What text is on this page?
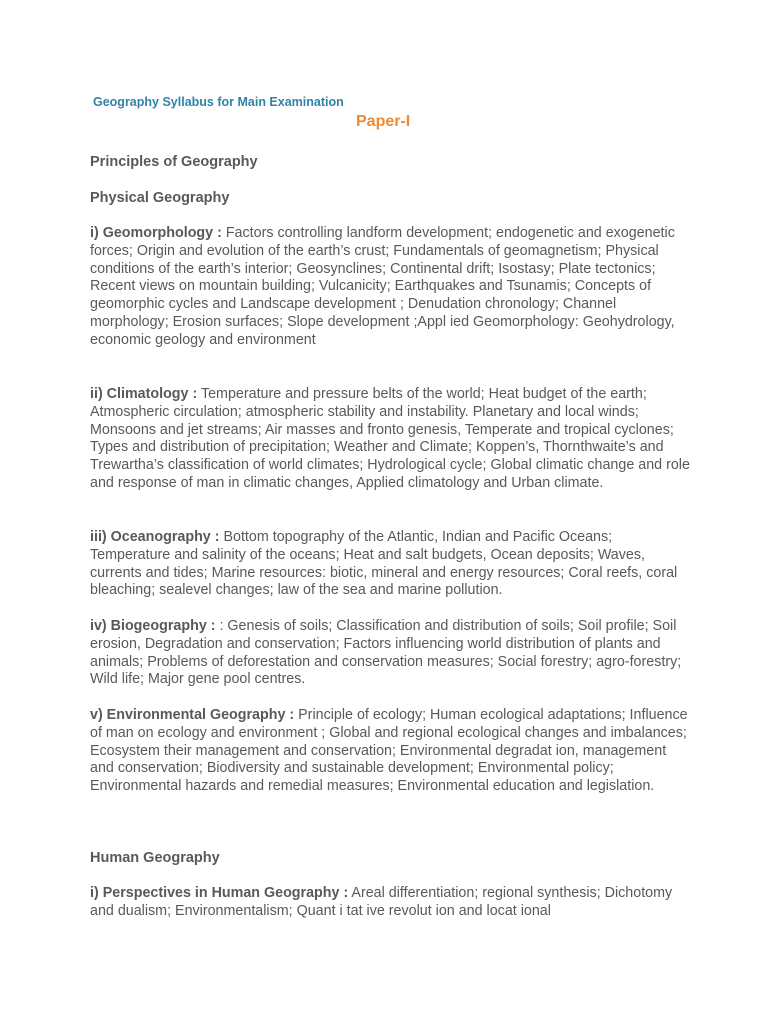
Geography Syllabus for Main Examination
Paper-I
Principles of Geography
Physical Geography
i) Geomorphology : Factors controlling landform development; endogenetic and exogenetic forces; Origin and evolution of the earth’s crust; Fundamentals of geomagnetism; Physical conditions of the earth’s interior; Geosynclines; Continental drift; Isostasy; Plate tectonics; Recent views on mountain building; Vulcanicity; Earthquakes and Tsunamis; Concepts of geomorphic cycles and Landscape development ; Denudation chronology; Channel morphology; Erosion surfaces; Slope development ;Appl ied Geomorphology: Geohydrology, economic geology and environment
ii) Climatology : Temperature and pressure belts of the world; Heat budget of the earth; Atmospheric circulation; atmospheric stability and instability. Planetary and local winds; Monsoons and jet streams; Air masses and fronto genesis, Temperate and tropical cyclones; Types and distribution of precipitation; Weather and Climate; Koppen’s, Thornthwaite’s and Trewartha’s classification of world climates; Hydrological cycle; Global climatic change and role and response of man in climatic changes, Applied climatology and Urban climate.
iii) Oceanography : Bottom topography of the Atlantic, Indian and Pacific Oceans; Temperature and salinity of the oceans; Heat and salt budgets, Ocean deposits; Waves, currents and tides; Marine resources: biotic, mineral and energy resources; Coral reefs, coral bleaching; sealevel changes; law of the sea and marine pollution.
iv) Biogeography : : Genesis of soils; Classification and distribution of soils; Soil profile; Soil erosion, Degradation and conservation; Factors influencing world distribution of plants and animals; Problems of deforestation and conservation measures; Social forestry; agro-forestry; Wild life; Major gene pool centres.
v) Environmental Geography : Principle of ecology; Human ecological adaptations; Influence of man on ecology and environment ; Global and regional ecological changes and imbalances; Ecosystem their management and conservation; Environmental degradat ion, management and conservation; Biodiversity and sustainable development; Environmental policy; Environmental hazards and remedial measures; Environmental education and legislation.
Human Geography
i) Perspectives in Human Geography : Areal differentiation; regional synthesis; Dichotomy and dualism; Environmentalism; Quant i tat ive revolut ion and locat ional
